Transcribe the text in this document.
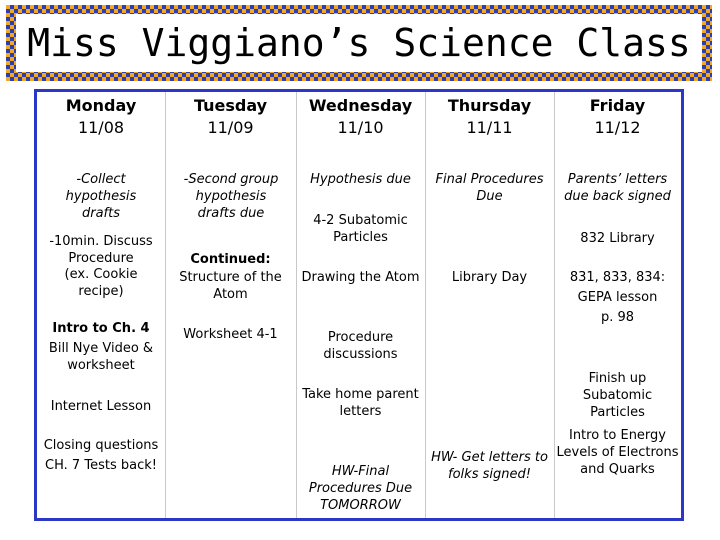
Miss Viggiano’s Science Class
Monday
11/08
Tuesday
11/09
Wednesday
11/10
Thursday
11/11
Friday
11/12
-Collect hypothesis drafts
-10min. Discuss Procedure
(ex. Cookie recipe)
Intro to Ch. 4
Bill Nye Video & worksheet
Internet Lesson
Closing questions
CH. 7 Tests back!
-Second group hypothesis drafts due
Continued:
Structure of the Atom
Worksheet 4-1
Hypothesis due
4-2 Subatomic Particles
Drawing the Atom
Procedure discussions
Take home parent letters
HW-Final Procedures Due TOMORROW
Final Procedures Due
Library Day
HW- Get letters to folks signed!
Parents’ letters due back signed
832 Library
831, 833, 834:
GEPA lesson
p. 98
Finish up Subatomic Particles
Intro to Energy Levels of Electrons and Quarks
